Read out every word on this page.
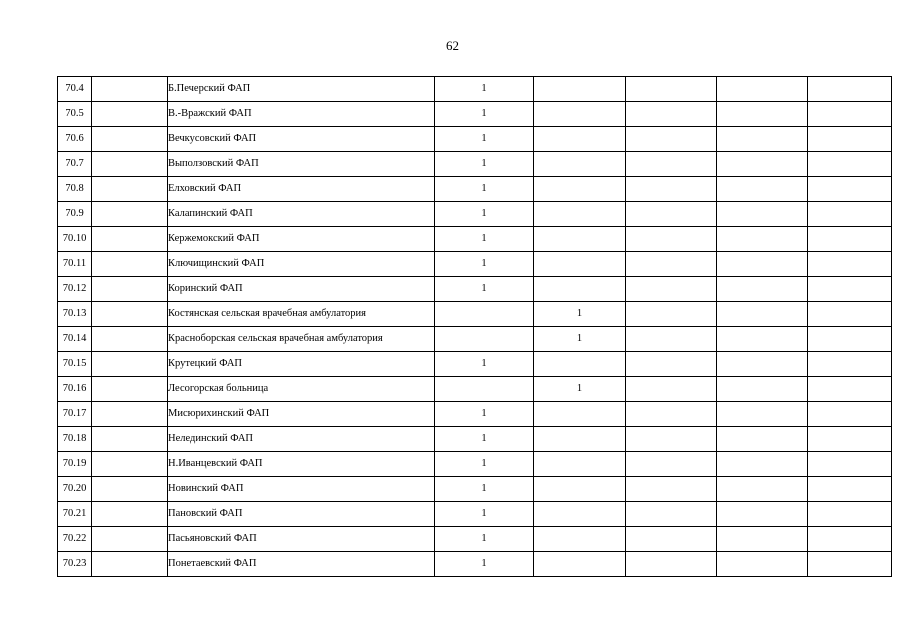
62
70.4		Б.Печерский ФАП	1				
70.5		В.-Вражский ФАП	1				
70.6		Вечкусовский ФАП	1				
70.7		Выползовский ФАП	1				
70.8		Елховский ФАП	1				
70.9		Калапинский ФАП	1				
70.10		Кержемокский ФАП	1				
70.11		Ключищинский ФАП	1				
70.12		Коринский ФАП	1				
70.13		Костянская сельская врачебная амбулатория		1			
70.14		Красноборская сельская врачебная амбулатория		1			
70.15		Крутецкий ФАП	1				
70.16		Лесогорская больница		1			
70.17		Мисюрихинский ФАП	1				
70.18		Нелединский ФАП	1				
70.19		Н.Иванцевский ФАП	1				
70.20		Новинский ФАП	1				
70.21		Пановский ФАП	1				
70.22		Пасьяновский ФАП	1				
70.23		Понетаевский ФАП	1				
